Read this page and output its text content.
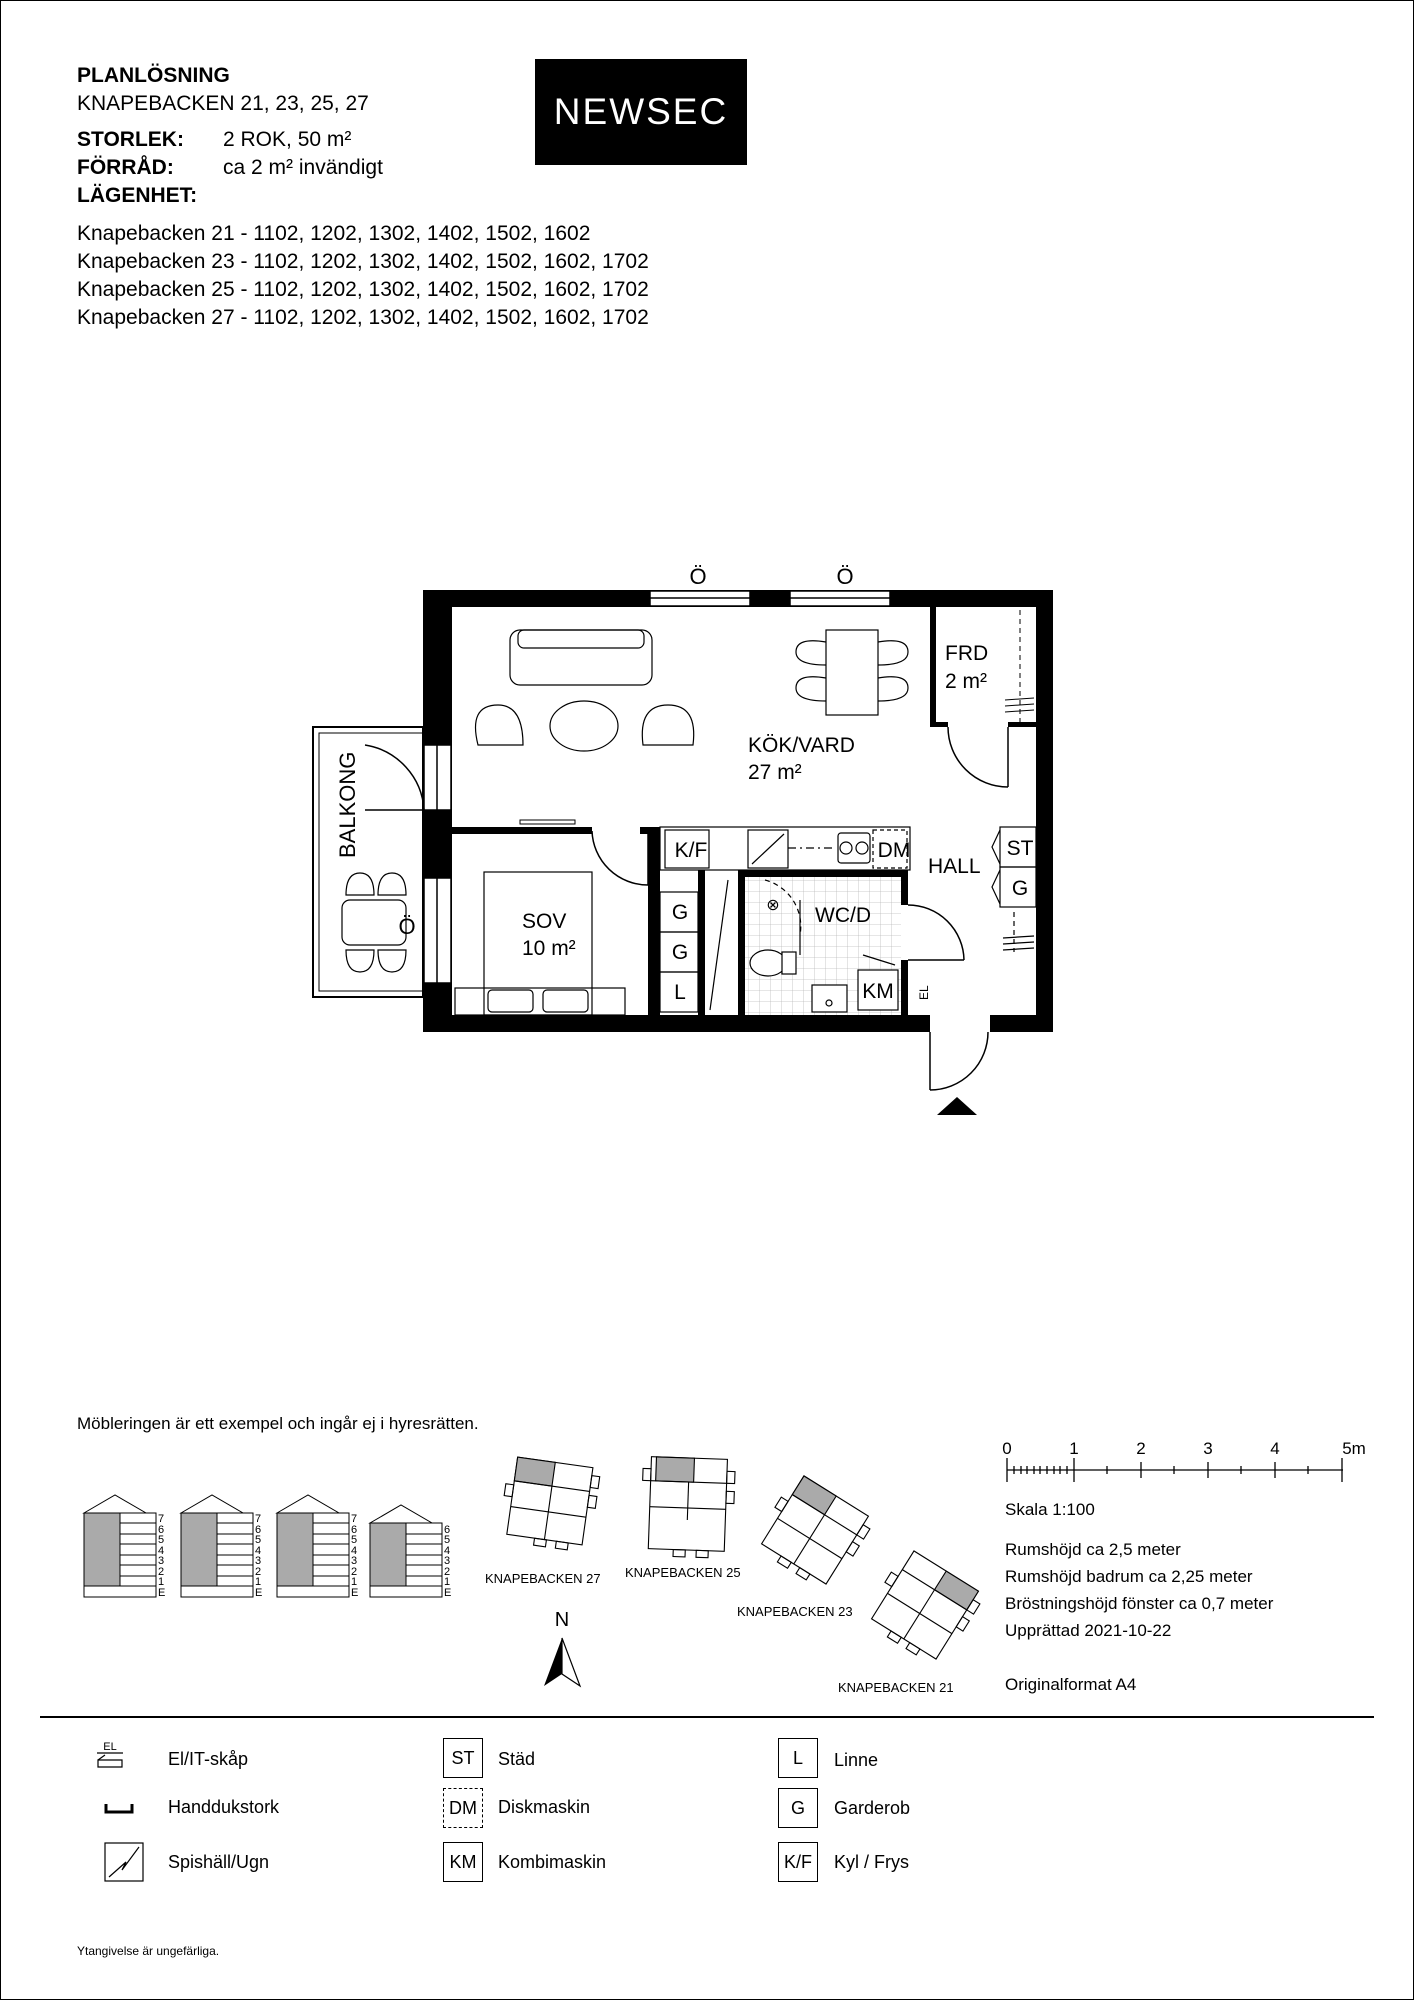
PLANLÖSNING
KNAPEBACKEN 21, 23, 25, 27
STORLEK: 2 ROK, 50 m²
FÖRRÅD: ca 2 m² invändigt
LÄGENHET:
Knapebacken 21 - 1102, 1202, 1302, 1402, 1502, 1602
Knapebacken 23 - 1102, 1202, 1302, 1402, 1502, 1602, 1702
Knapebacken 25 - 1102, 1202, 1302, 1402, 1502, 1602, 1702
Knapebacken 27 - 1102, 1202, 1302, 1402, 1502, 1602, 1702
NEWSEC
Ö	Ö
BALKONG
Ö
K/F	DM
G
G
L
⊗
KM EL
ST
G
KÖK/VARD
27 m²
FRD
2 m²
SOV
10 m²
WC/D
HALL
Möbleringen är ett exempel och ingår ej i hyresrätten.
0	1	2	3	4	5m
Skala 1:100
Rumshöjd ca 2,5 meter
Rumshöjd badrum ca 2,25 meter
Bröstningshöjd fönster ca 0,7 meter
Upprättad 2021-10-22
Originalformat A4
7
6
5
4
3
2
1
E
7
6
5
4
3
2
1
E
7
6
5
4
3
2
1
E
6
5
4
3
2
1
E
KNAPEBACKEN 27 KNAPEBACKEN 25
KNAPEBACKEN 23
KNAPEBACKEN 21
N
EL
El/IT-skåp
Handdukstork
Spishäll/Ugn
ST	Städ
DM	Diskmaskin
KM	Kombimaskin
L	Linne
G	Garderob
K/F	Kyl / Frys
Ytangivelse är ungefärliga.
